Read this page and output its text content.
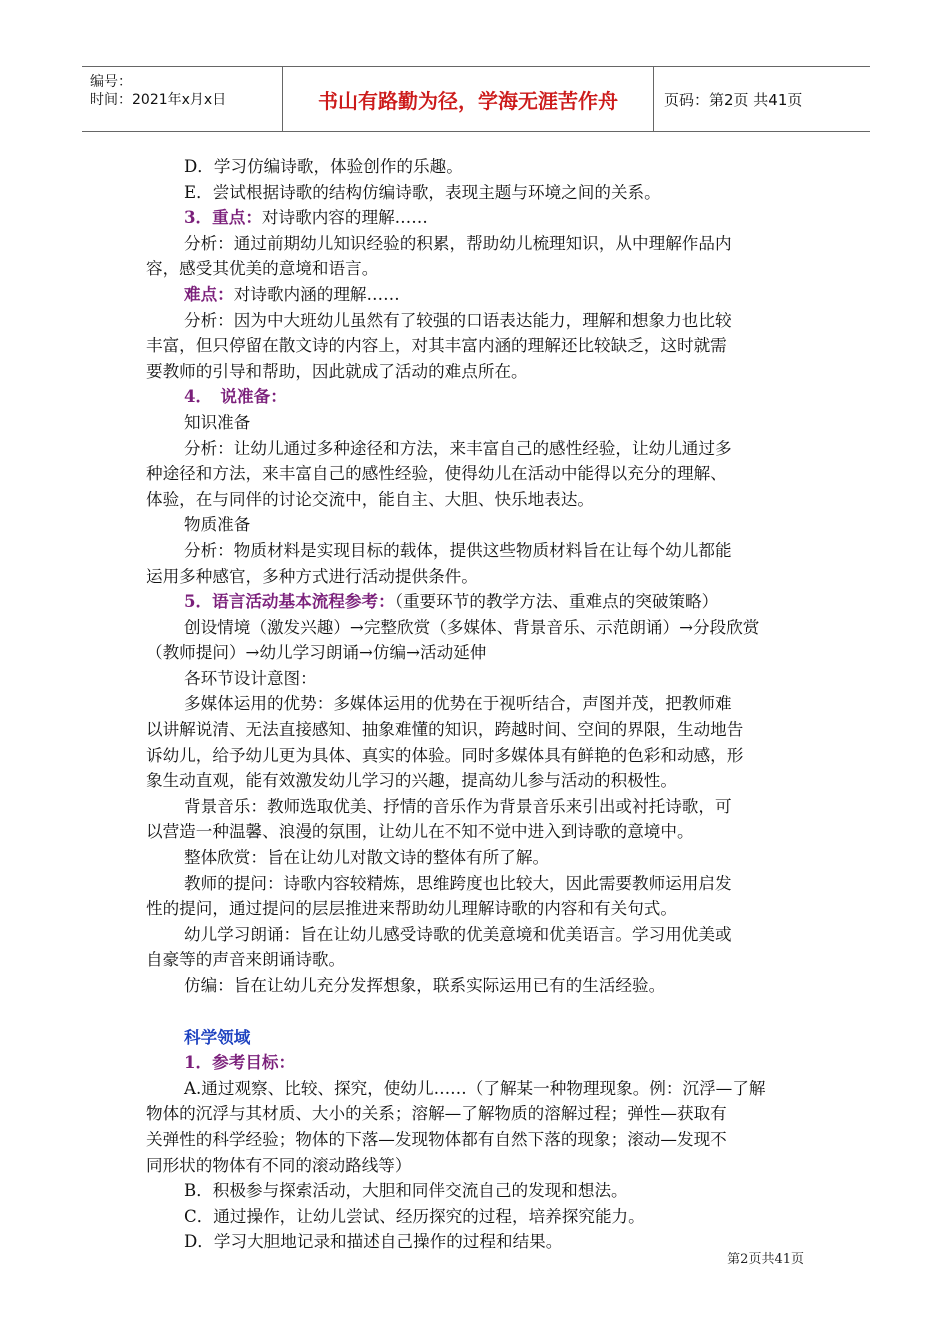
编号：
时间：2021年x月x日	书山有路勤为径，学海无涯苦作舟	页码：第2页 共41页
D．学习仿编诗歌，体验创作的乐趣。
E．尝试根据诗歌的结构仿编诗歌，表现主题与环境之间的关系。
3．重点：对诗歌内容的理解……
分析：通过前期幼儿知识经验的积累，帮助幼儿梳理知识，从中理解作品内
容，感受其优美的意境和语言。
难点：对诗歌内涵的理解……
分析：因为中大班幼儿虽然有了较强的口语表达能力，理解和想象力也比较
丰富，但只停留在散文诗的内容上，对其丰富内涵的理解还比较缺乏，这时就需
要教师的引导和帮助，因此就成了活动的难点所在。
4．　说准备：
知识准备
分析：让幼儿通过多种途径和方法，来丰富自己的感性经验，让幼儿通过多
种途径和方法，来丰富自己的感性经验，使得幼儿在活动中能得以充分的理解、
体验，在与同伴的讨论交流中，能自主、大胆、快乐地表达。
物质准备
分析：物质材料是实现目标的载体，提供这些物质材料旨在让每个幼儿都能
运用多种感官，多种方式进行活动提供条件。
5．语言活动基本流程参考：（重要环节的教学方法、重难点的突破策略）
创设情境（激发兴趣）→完整欣赏（多媒体、背景音乐、示范朗诵）→分段欣赏
（教师提问）→幼儿学习朗诵→仿编→活动延伸
各环节设计意图：
多媒体运用的优势：多媒体运用的优势在于视听结合，声图并茂，把教师难
以讲解说清、无法直接感知、抽象难懂的知识，跨越时间、空间的界限，生动地告
诉幼儿，给予幼儿更为具体、真实的体验。同时多媒体具有鲜艳的色彩和动感，形
象生动直观，能有效激发幼儿学习的兴趣，提高幼儿参与活动的积极性。
背景音乐：教师选取优美、抒情的音乐作为背景音乐来引出或衬托诗歌，可
以营造一种温馨、浪漫的氛围，让幼儿在不知不觉中进入到诗歌的意境中。
整体欣赏：旨在让幼儿对散文诗的整体有所了解。
教师的提问：诗歌内容较精炼，思维跨度也比较大，因此需要教师运用启发
性的提问，通过提问的层层推进来帮助幼儿理解诗歌的内容和有关句式。
幼儿学习朗诵：旨在让幼儿感受诗歌的优美意境和优美语言。学习用优美或
自豪等的声音来朗诵诗歌。
仿编：旨在让幼儿充分发挥想象，联系实际运用已有的生活经验。
科学领域
1．参考目标：
A.通过观察、比较、探究，使幼儿……（了解某一种物理现象。例：沉浮—了解
物体的沉浮与其材质、大小的关系；溶解—了解物质的溶解过程；弹性—获取有
关弹性的科学经验；物体的下落—发现物体都有自然下落的现象；滚动—发现不
同形状的物体有不同的滚动路线等）
B．积极参与探索活动，大胆和同伴交流自己的发现和想法。
C．通过操作，让幼儿尝试、经历探究的过程，培养探究能力。
D．学习大胆地记录和描述自己操作的过程和结果。
第2页共41页
